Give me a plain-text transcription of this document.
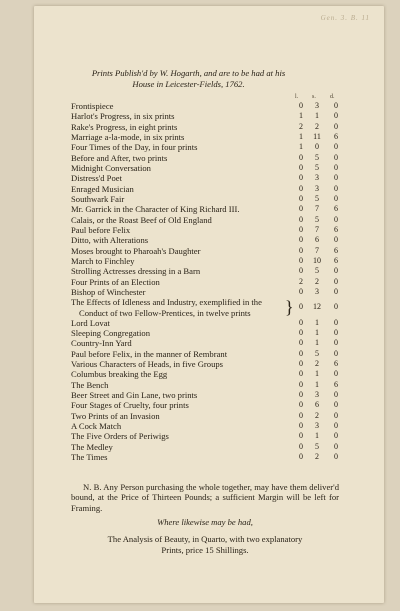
Gen. 3. B. 11

Prints Publish'd by W. Hogarth, and are to be had at his
House in Leicester-Fields, 1762.

l. s. d.
Frontispiece	0	3	0
Harlot's Progress, in six prints	1	1	0
Rake's Progress, in eight prints	2	2	0
Marriage a-la-mode, in six prints	1	11	6
Four Times of the Day, in four prints	1	0	0
Before and After, two prints	0	5	0
Midnight Conversation	0	5	0
Distress'd Poet	0	3	0
Enraged Musician	0	3	0
Southwark Fair	0	5	0
Mr. Garrick in the Character of King Richard III.	0	7	6
Calais, or the Roast Beef of Old England	0	5	0
Paul before Felix	0	7	6
Ditto, with Alterations	0	6	0
Moses brought to Pharoah's Daughter	0	7	6
March to Finchley	0	10	6
Strolling Actresses dressing in a Barn	0	5	0
Four Prints of an Election	2	2	0
Bishop of Winchester	0	3	0
}
The Effects of Idleness and Industry, exemplified in the
Conduct of two Fellow-Prentices, in twelve prints
0	12	0
Lord Lovat	0	1	0
Sleeping Congregation	0	1	0
Country-Inn Yard	0	1	0
Paul before Felix, in the manner of Rembrant	0	5	0
Various Characters of Heads, in five Groups	0	2	6
Columbus breaking the Egg	0	1	0
The Bench	0	1	6
Beer Street and Gin Lane, two prints	0	3	0
Four Stages of Cruelty, four prints	0	6	0
Two Prints of an Invasion	0	2	0
A Cock Match	0	3	0
The Five Orders of Periwigs	0	1	0
The Medley	0	5	0
The Times	0	2	0

N. B. Any Person purchasing the whole together, may have them deliver'd bound, at the Price of Thirteen Pounds; a sufficient Margin will be left for Framing.

Where likewise may be had,

The Analysis of Beauty, in Quarto, with two explanatory
Prints, price 15 Shillings.
